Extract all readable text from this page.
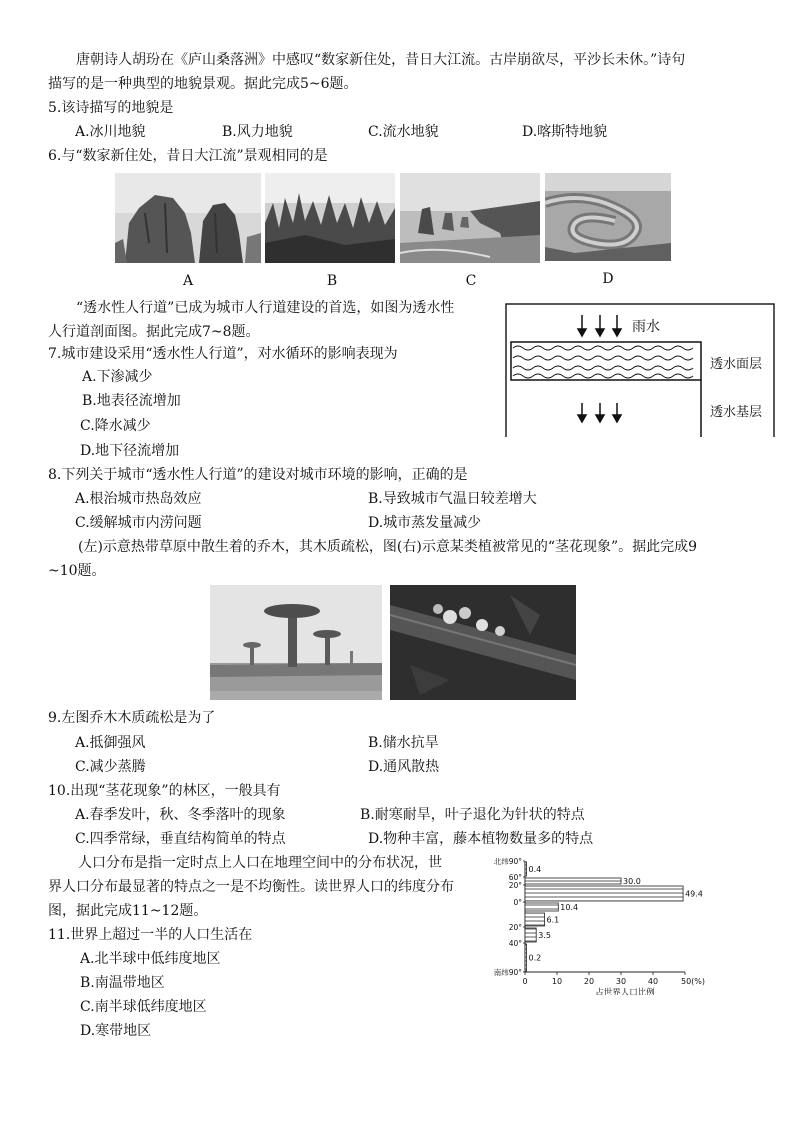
唐朝诗人胡玢在《庐山桑落洲》中感叹“数家新住处，昔日大江流。古岸崩欲尽，平沙长未休。”诗句
描写的是一种典型的地貌景观。据此完成5~6题。
5.该诗描写的地貌是
A.冰川地貌	B.风力地貌	C.流水地貌	D.喀斯特地貌
6.与“数家新住处，昔日大江流”景观相同的是
A	B	C	D
“透水性人行道”已成为城市人行道建设的首选，如图为透水性
人行道剖面图。据此完成7~8题。	雨水
透水面层
透水基层
7.城市建设采用“透水性人行道”，对水循环的影响表现为
A.下渗减少
B.地表径流增加
C.降水减少
D.地下径流增加
8.下列关于城市“透水性人行道”的建设对城市环境的影响，正确的是
A.根治城市热岛效应	B.导致城市气温日较差增大
C.缓解城市内涝问题	D.城市蒸发量减少
(左)示意热带草原中散生着的乔木，其木质疏松，图(右)示意某类植被常见的“茎花现象”。据此完成9
~10题。
9.左图乔木木质疏松是为了
A.抵御强风	B.储水抗旱
C.减少蒸腾	D.通风散热
10.出现“茎花现象”的林区，一般具有
A.春季发叶，秋、冬季落叶的现象	B.耐寒耐旱，叶子退化为针状的特点
C.四季常绿，垂直结构简单的特点	D.物种丰富，藤本植物数量多的特点
人口分布是指一定时点上人口在地理空间中的分布状况，世
界人口分布最显著的特点之一是不均衡性。读世界人口的纬度分布
图，据此完成11~12题。
11.世界上超过一半的人口生活在
A.北半球中低纬度地区
B.南温带地区
C.南半球低纬度地区
D.寒带地区
0.4
30.0
49.4
10.4
6.1
3.5
0.2
北纬90°
60°
20°
0°
20°
40°
南纬90°
0	10	20	30	40	50(%)
占世界人口比例
